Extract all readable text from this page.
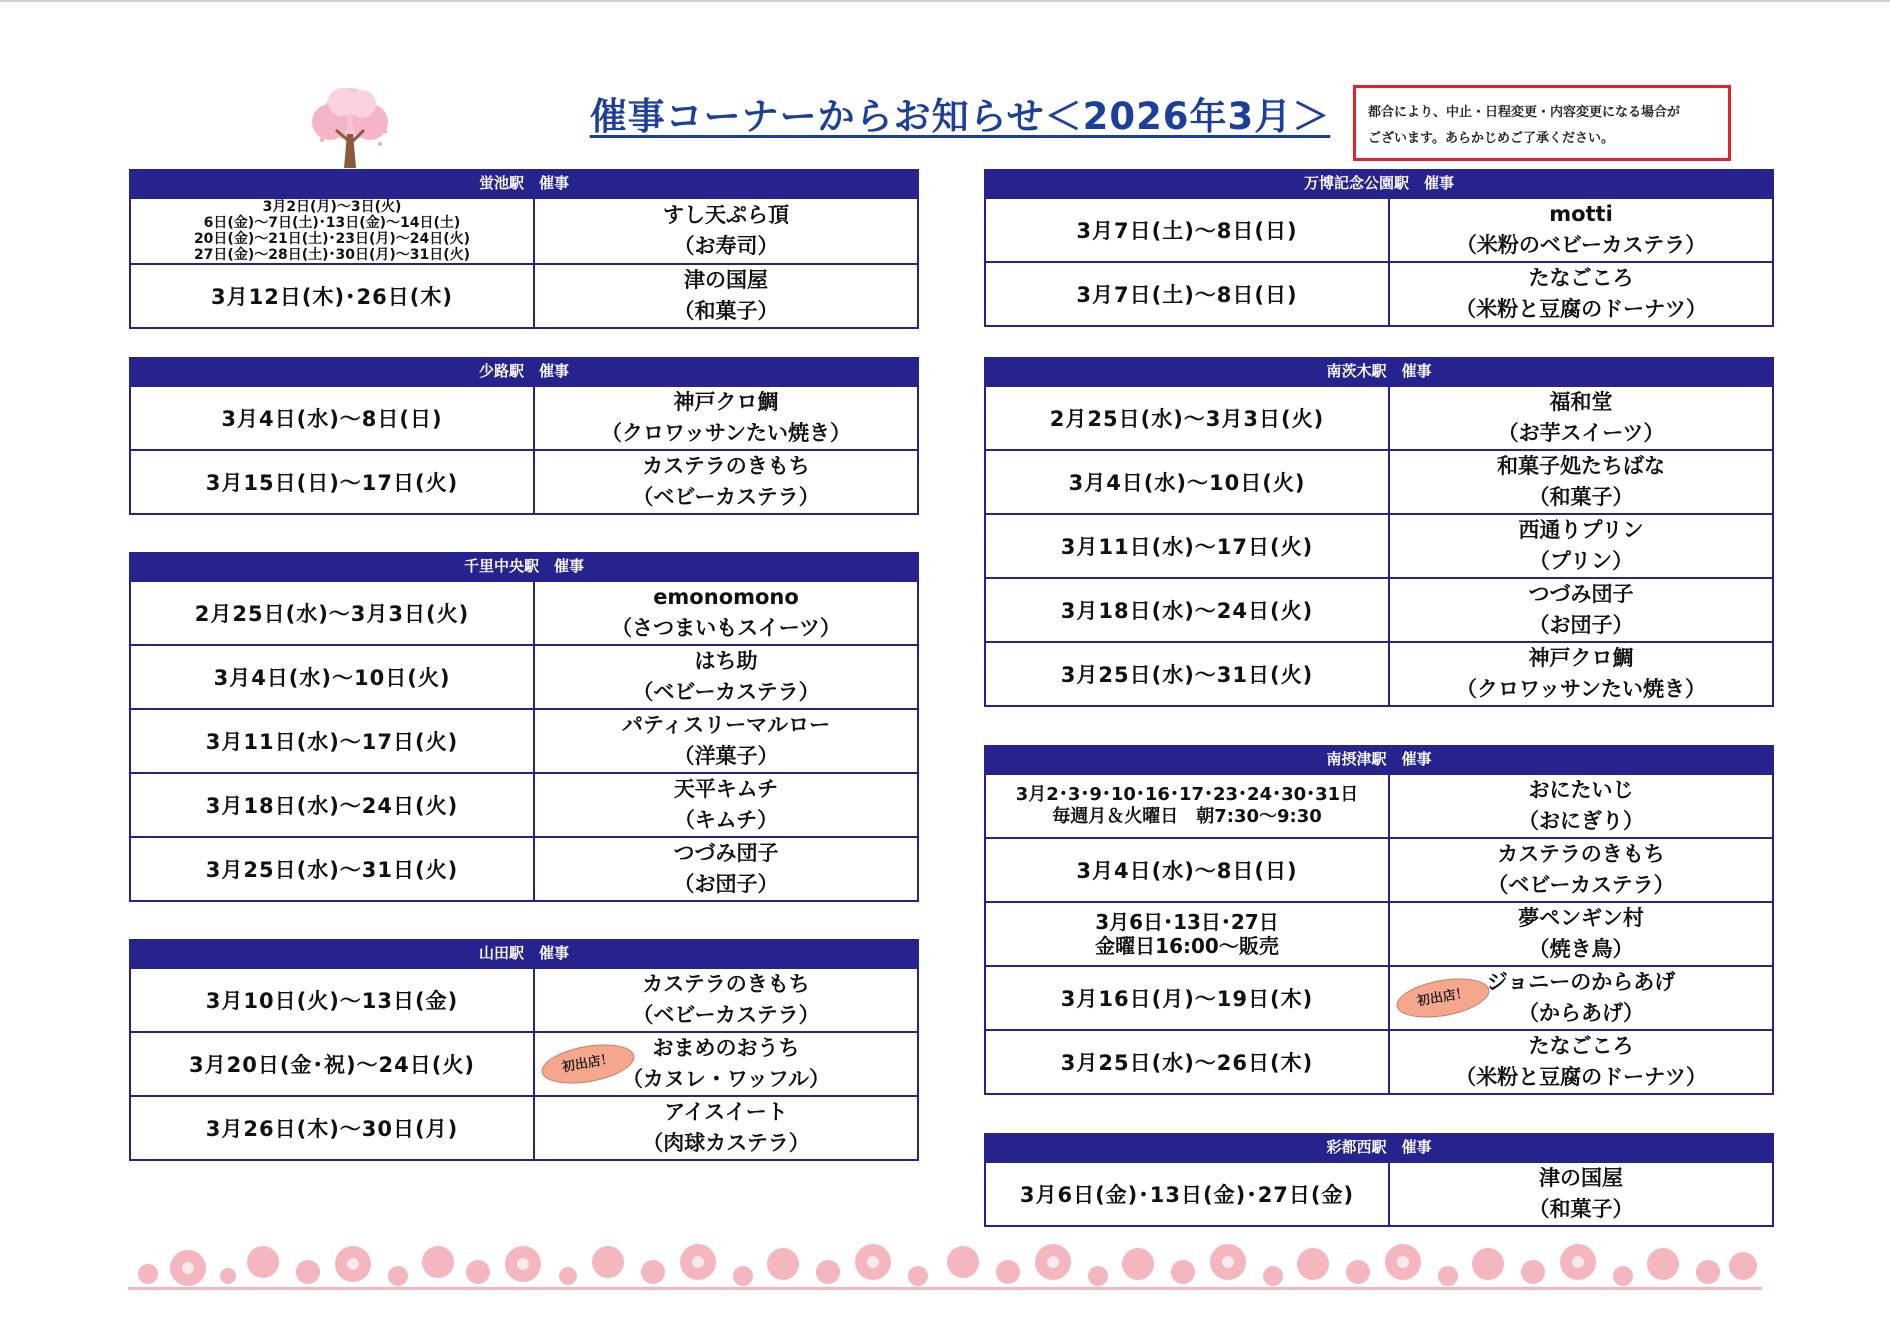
催事コーナーからお知らせ＜2026年3月＞	都合により、中止・日程変更・内容変更になる場合が
ございます。あらかじめご了承ください。
蛍池駅　催事
3月2日(月)～3日(火)
6日(金)～7日(土)･13日(金)～14日(土)
20日(金)～21日(土)･23日(月)～24日(火)
27日(金)～28日(土)･30日(月)～31日(火)	すし天ぷら頂
（お寿司）

3月12日(木)･26日(木)	津の国屋
（和菓子）
少路駅　催事
3月4日(水)～8日(日)	神戸クロ鯛
（クロワッサンたい焼き）

3月15日(日)～17日(火)	カステラのきもち
（ベビーカステラ）
千里中央駅　催事
2月25日(水)～3月3日(火)	emonomono
（さつまいもスイーツ）

3月4日(水)～10日(火)	はち助
（ベビーカステラ）

3月11日(水)～17日(火)	パティスリーマルロー
（洋菓子）

3月18日(水)～24日(火)	天平キムチ
（キムチ）

3月25日(水)～31日(火)	つづみ団子
（お団子）
山田駅　催事
3月10日(火)～13日(金)	カステラのきもち
（ベビーカステラ）

3月20日(金･祝)～24日(火)	初出店！
おまめのおうち
（カヌレ・ワッフル）

3月26日(木)～30日(月)	アイスイート
（肉球カステラ）
万博記念公園駅　催事
3月7日(土)～8日(日)	motti
（米粉のベビーカステラ）

3月7日(土)～8日(日)	たなごころ
（米粉と豆腐のドーナツ）
南茨木駅　催事
2月25日(水)～3月3日(火)	福和堂
（お芋スイーツ）

3月4日(水)～10日(火)	和菓子処たちばな
（和菓子）

3月11日(水)～17日(火)	西通りプリン
（プリン）

3月18日(水)～24日(火)	つづみ団子
（お団子）

3月25日(水)～31日(火)	神戸クロ鯛
（クロワッサンたい焼き）
南摂津駅　催事
3月2･3･9･10･16･17･23･24･30･31日
毎週月＆火曜日　朝7:30～9:30	おにたいじ
（おにぎり）

3月4日(水)～8日(日)	カステラのきもち
（ベビーカステラ）

3月6日･13日･27日
金曜日16:00～販売	夢ペンギン村
（焼き鳥）

3月16日(月)～19日(木)	初出店！
ジョニーのからあげ
（からあげ）

3月25日(水)～26日(木)	たなごころ
（米粉と豆腐のドーナツ）
彩都西駅　催事
3月6日(金)･13日(金)･27日(金)	
津の国屋
（和菓子）
